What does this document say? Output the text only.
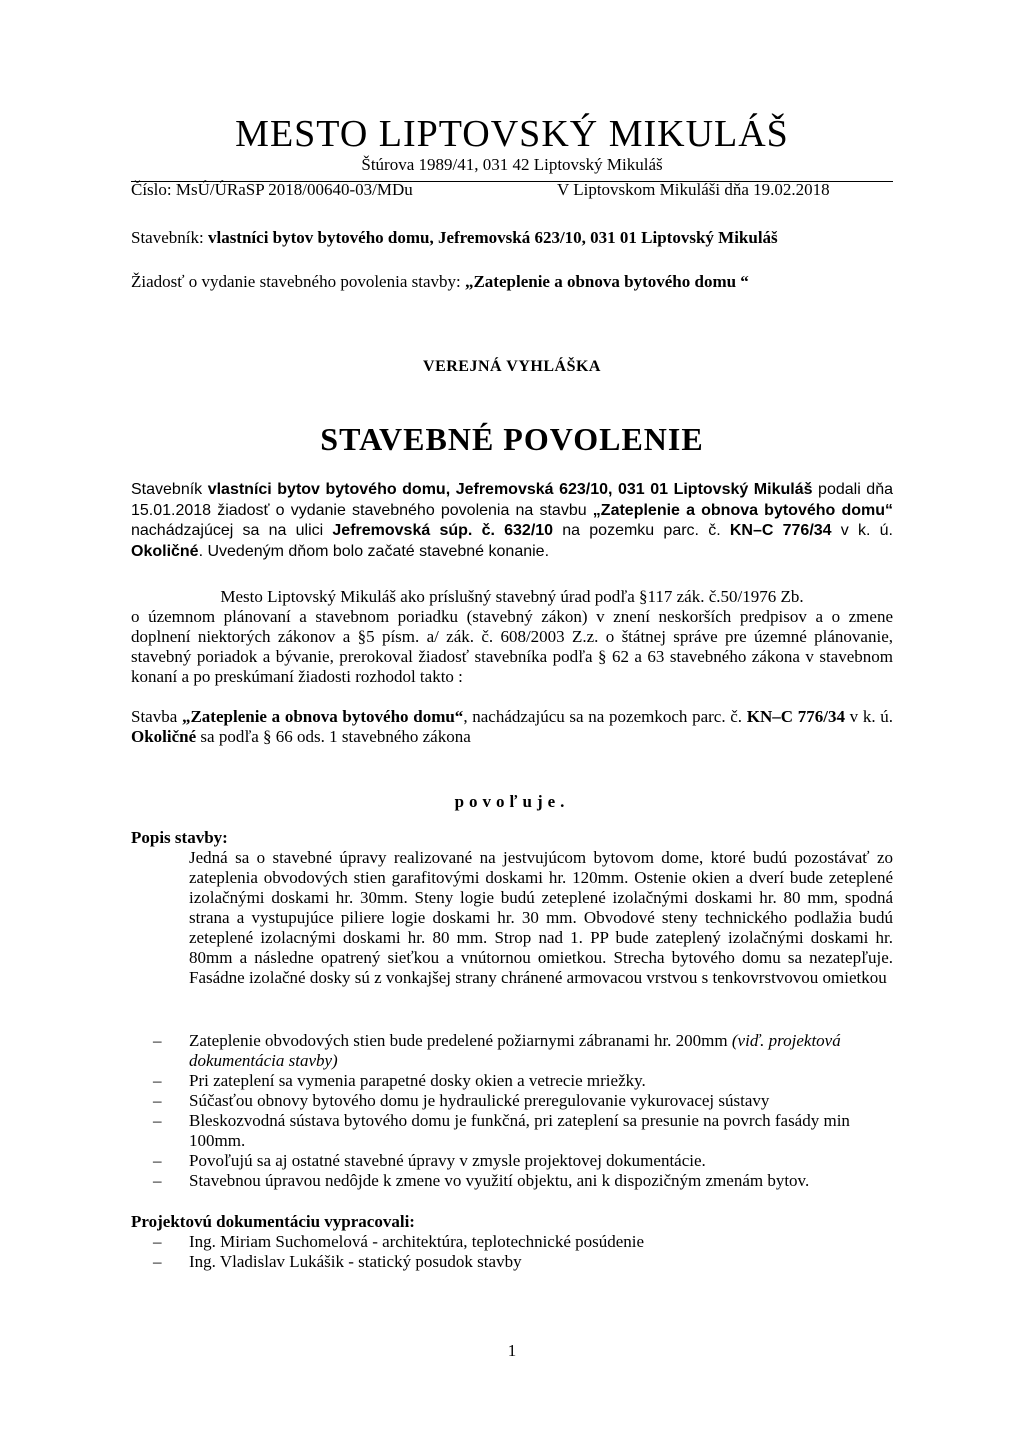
MESTO LIPTOVSKÝ MIKULÁŠ
Štúrova 1989/41, 031 42 Liptovský Mikuláš
Číslo: MsÚ/ÚRaSP 2018/00640-03/MDu	V Liptovskom Mikuláši dňa 19.02.2018
Stavebník: vlastníci bytov bytového domu, Jefremovská 623/10, 031 01 Liptovský Mikuláš
Žiadosť o vydanie stavebného povolenia stavby: „Zateplenie a obnova bytového domu “
VEREJNÁ VYHLÁŠKA
STAVEBNÉ POVOLENIE
Stavebník vlastníci bytov bytového domu, Jefremovská 623/10, 031 01 Liptovský Mikuláš podali dňa 15.01.2018 žiadosť o vydanie stavebného povolenia na stavbu „Zateplenie a obnova bytového domu“ nachádzajúcej sa na ulici Jefremovská súp. č. 632/10 na pozemku parc. č. KN–C 776/34 v k. ú. Okoličné. Uvedeným dňom bolo začaté stavebné konanie.
Mesto Liptovský Mikuláš ako príslušný stavebný úrad podľa §117 zák. č.50/1976 Zb.
o územnom plánovaní a stavebnom poriadku (stavebný zákon) v znení neskorších predpisov a o zmene doplnení niektorých zákonov a §5 písm. a/ zák. č. 608/2003 Z.z. o štátnej správe pre územné plánovanie, stavebný poriadok a bývanie, prerokoval žiadosť stavebníka podľa § 62 a 63 stavebného zákona v stavebnom konaní a po preskúmaní žiadosti rozhodol takto :
Stavba „Zateplenie a obnova bytového domu“, nachádzajúcu sa na pozemkoch parc. č. KN–C 776/34 v k. ú. Okoličné sa podľa § 66 ods. 1 stavebného zákona
povoľuje.
Popis stavby:
Jedná sa o stavebné úpravy realizované na jestvujúcom bytovom dome, ktoré budú pozostávať zo zateplenia obvodových stien garafitovými doskami hr. 120mm. Ostenie okien a dverí bude zeteplené izolačnými doskami hr. 30mm. Steny logie budú zeteplené izolačnými doskami hr. 80 mm, spodná strana a vystupujúce piliere logie doskami hr. 30 mm. Obvodové steny technického podlažia budú zeteplené izolacnými doskami hr. 80 mm. Strop nad 1. PP bude zateplený izolačnými doskami hr. 80mm a následne opatrený sieťkou a vnútornou omietkou. Strecha bytového domu sa nezatepľuje. Fasádne izolačné dosky sú z vonkajšej strany chránené armovacou vrstvou s tenkovrstvovou omietkou
– Zateplenie obvodových stien bude predelené požiarnymi zábranami hr. 200mm (viď. projektová dokumentácia stavby)
– Pri zateplení sa vymenia parapetné dosky okien a vetrecie mriežky.
– Súčasťou obnovy bytového domu je hydraulické preregulovanie vykurovacej sústavy
– Bleskozvodná sústava bytového domu je funkčná, pri zateplení sa presunie na povrch fasády min 100mm.
– Povoľujú sa aj ostatné stavebné úpravy v zmysle projektovej dokumentácie.
– Stavebnou úpravou nedôjde k zmene vo využití objektu, ani k dispozičným zmenám bytov.
Projektovú dokumentáciu vypracovali:
– Ing. Miriam Suchomelová - architektúra, teplotechnické posúdenie
– Ing. Vladislav Lukášik - statický posudok stavby
1
